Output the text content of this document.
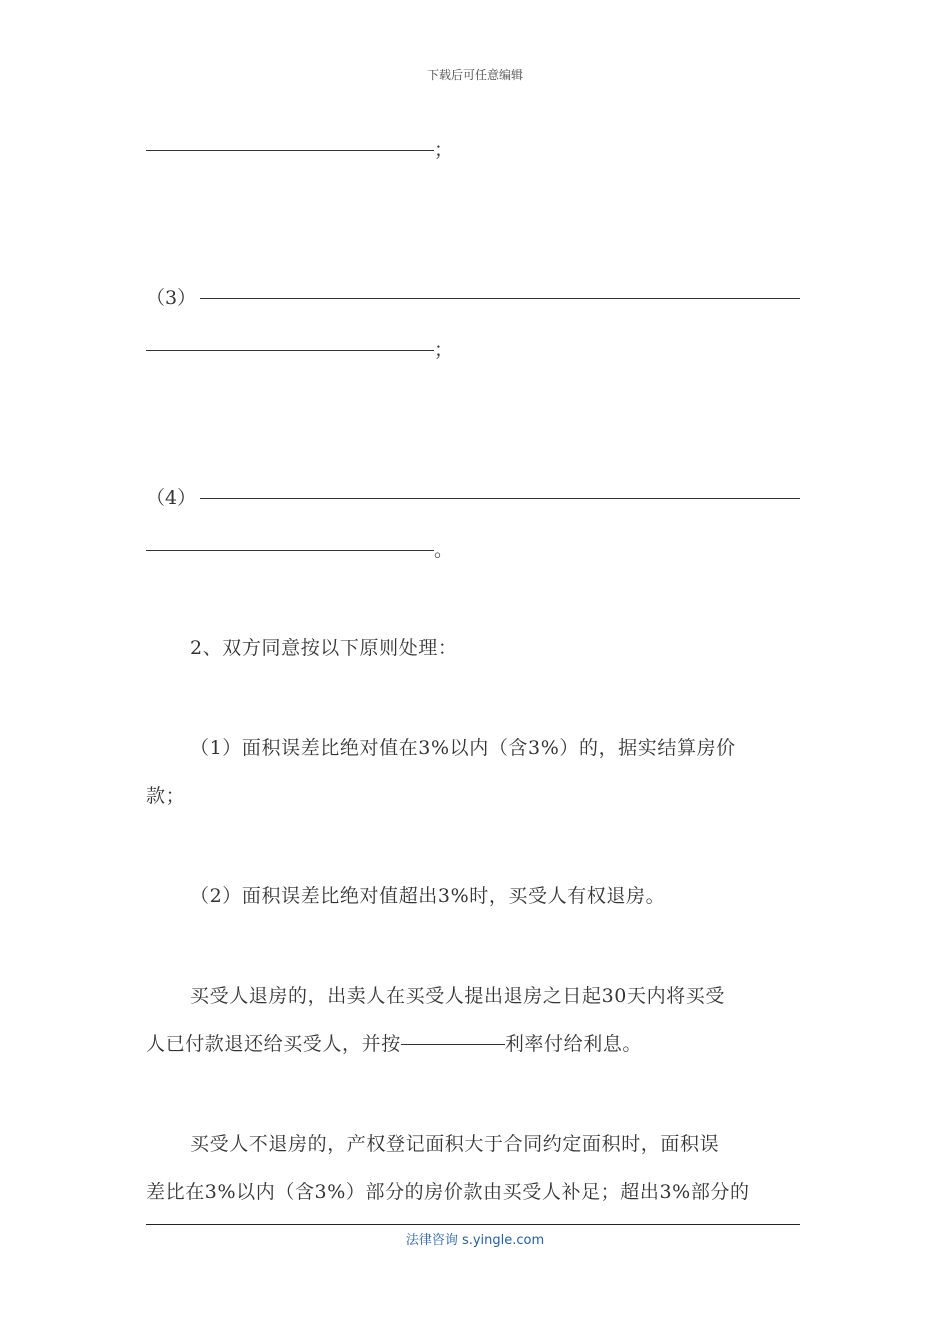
下载后可任意编辑
；
（3）
；
（4）
。
2、双方同意按以下原则处理：
（1）面积误差比绝对值在3%以内（含3%）的，据实结算房价
款；
（2）面积误差比绝对值超出3%时，买受人有权退房。
买受人退房的，出卖人在买受人提出退房之日起30天内将买受
人已付款退还给买受人，并按	利率付给利息。
买受人不退房的，产权登记面积大于合同约定面积时，面积误
差比在3%以内（含3%）部分的房价款由买受人补足；超出3%部分的
法律咨询 s.yingle.com
